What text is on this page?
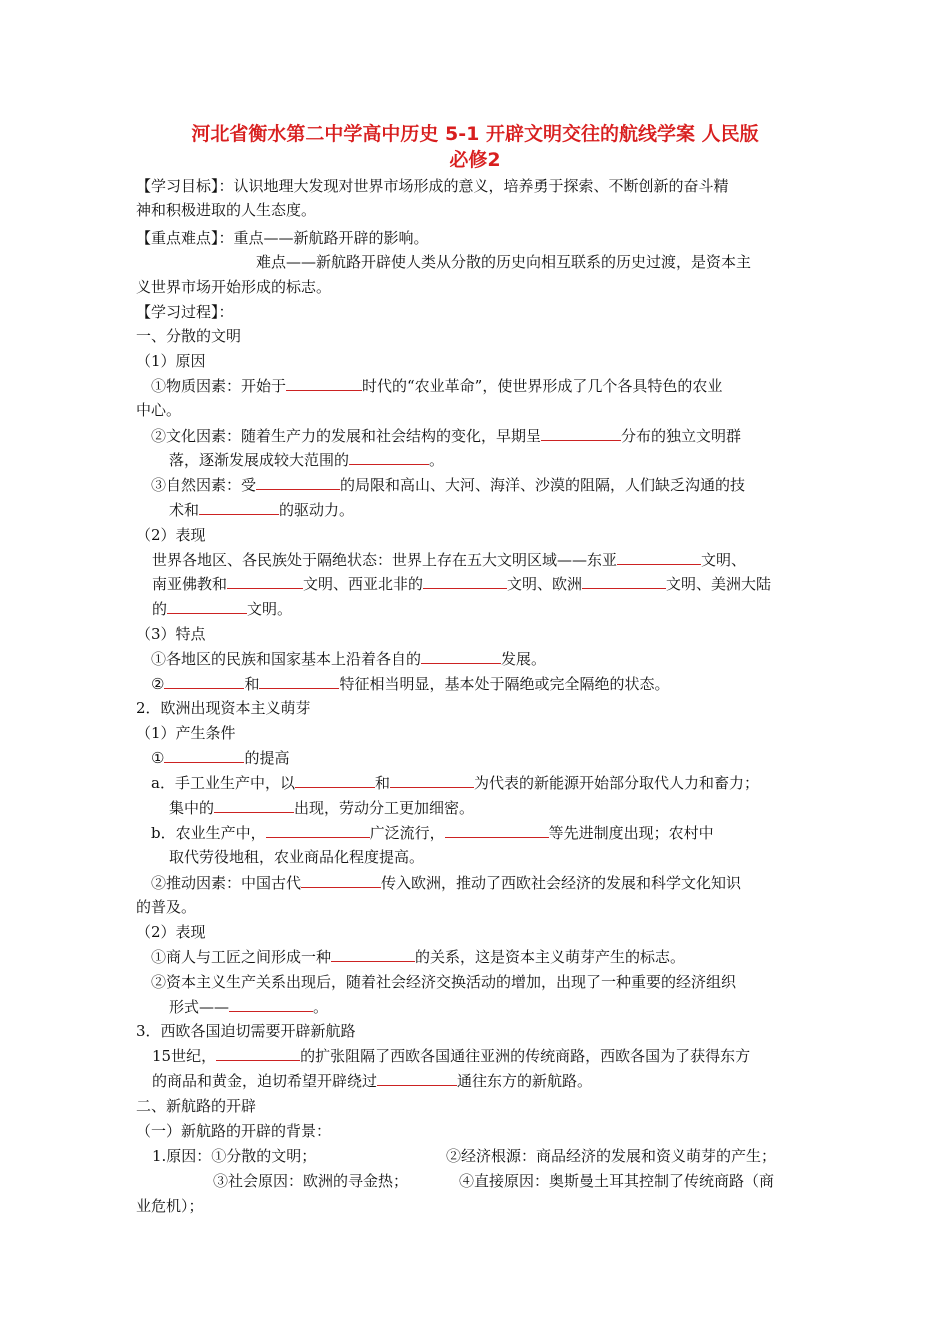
河北省衡水第二中学高中历史 5-1 开辟文明交往的航线学案 人民版
必修2
【学习目标】：认识地理大发现对世界市场形成的意义，培养勇于探索、不断创新的奋斗精
神和积极进取的人生态度。
【重点难点】：重点——新航路开辟的影响。
难点——新航路开辟使人类从分散的历史向相互联系的历史过渡，是资本主
义世界市场开始形成的标志。
【学习过程】：
一、分散的文明
（1）原因
①物质因素：开始于	时代的“农业革命”，使世界形成了几个各具特色的农业
中心。
②文化因素：随着生产力的发展和社会结构的变化，早期呈	分布的独立文明群
落，逐渐发展成较大范围的	。
③自然因素：受	的局限和高山、大河、海洋、沙漠的阻隔，人们缺乏沟通的技
术和	的驱动力。
（2）表现
世界各地区、各民族处于隔绝状态：世界上存在五大文明区域——东亚	文明、
南亚佛教和	文明、西亚北非的	文明、欧洲	文明、美洲大陆
的	文明。
（3）特点
①各地区的民族和国家基本上沿着各自的	发展。
②	和	特征相当明显，基本处于隔绝或完全隔绝的状态。
2．欧洲出现资本主义萌芽
（1）产生条件
①	的提高
a．手工业生产中，以	和	为代表的新能源开始部分取代人力和畜力；
集中的	出现，劳动分工更加细密。
b．农业生产中，	广泛流行，	等先进制度出现；农村中
取代劳役地租，农业商品化程度提高。
②推动因素：中国古代	传入欧洲，推动了西欧社会经济的发展和科学文化知识
的普及。
（2）表现
①商人与工匠之间形成一种	的关系，这是资本主义萌芽产生的标志。
②资本主义生产关系出现后，随着社会经济交换活动的增加，出现了一种重要的经济组织
形式——	。
3．西欧各国迫切需要开辟新航路
15世纪，	的扩张阻隔了西欧各国通往亚洲的传统商路，西欧各国为了获得东方
的商品和黄金，迫切希望开辟绕过	通往东方的新航路。
二、新航路的开辟
（一）新航路的开辟的背景：
1.原因：①分散的文明；	②经济根源：商品经济的发展和资义萌芽的产生；
③社会原因：欧洲的寻金热；	④直接原因：奥斯曼土耳其控制了传统商路（商
业危机）；
